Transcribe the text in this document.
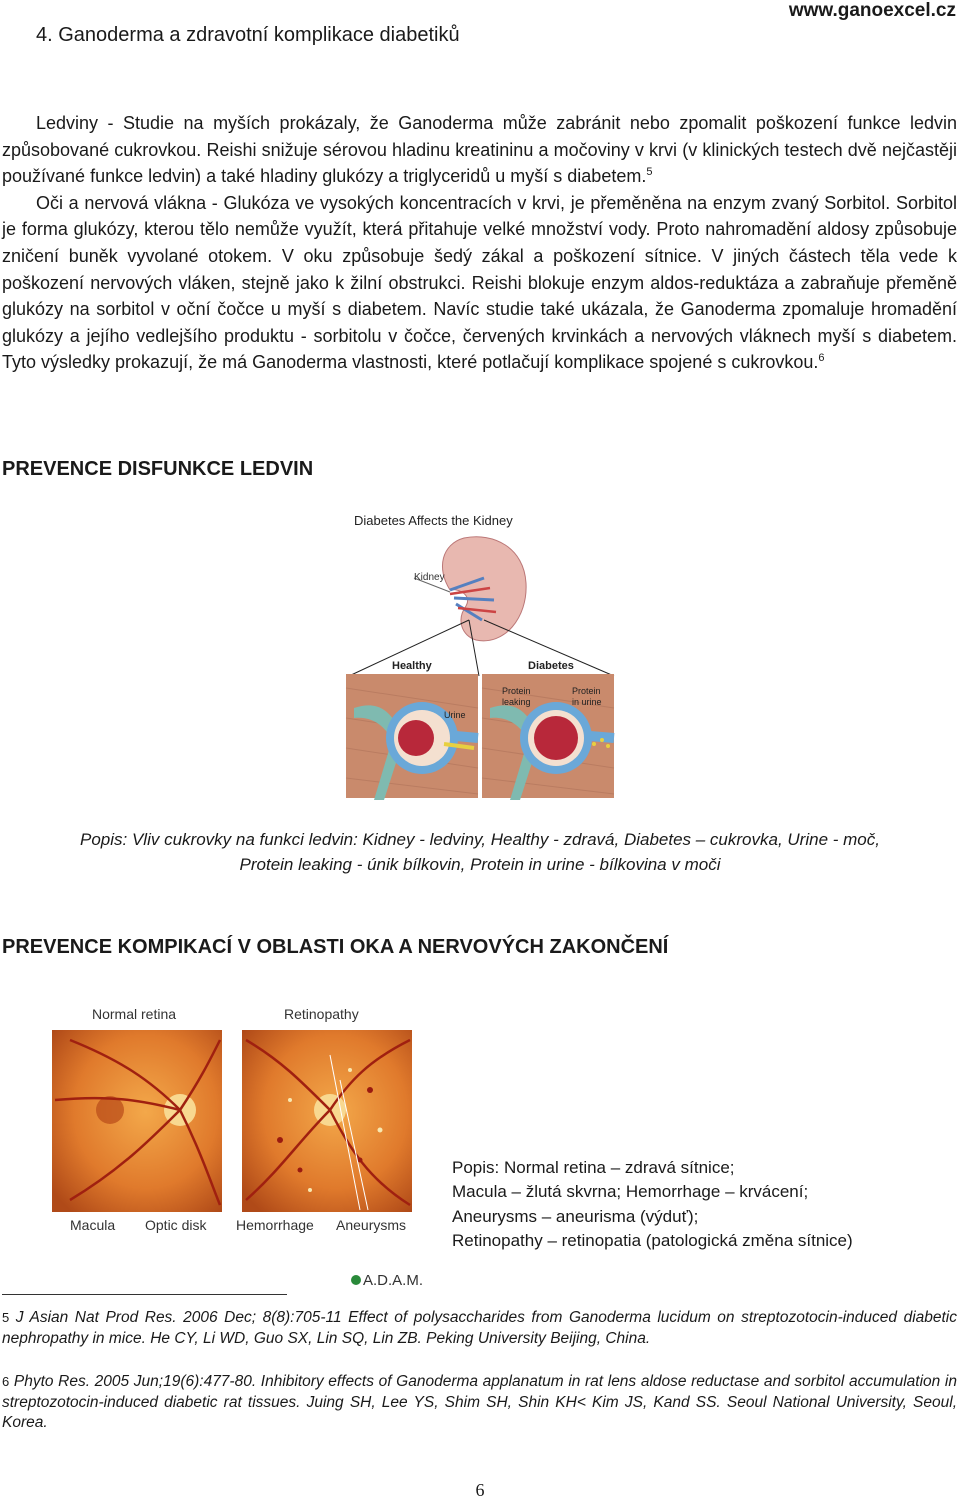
4. Ganoderma a zdravotní komplikace diabetiků
www.ganoexcel.cz

Ledviny - Studie na myších prokázaly, že Ganoderma může zabránit nebo zpomalit poškození funkce ledvin způsobované cukrovkou. Reishi snižuje sérovou hladinu kreatininu a močoviny v krvi (v klinických testech dvě nejčastěji používané funkce ledvin) a také hladiny glukózy a triglyceridů u myší s diabetem.$^5$

Oči a nervová vlákna - Glukóza ve vysokých koncentracích v krvi, je přeměněna na enzym zvaný Sorbitol. Sorbitol je forma glukózy, kterou tělo nemůže využít, která přitahuje velké množství vody. Proto nahromadění aldosy způsobuje zničení buněk vyvolané otokem. V oku způsobuje šedý zákal a poškození sítnice. V jiných částech těla vede k poškození nervových vláken, stejně jako k žilní obstrukci. Reishi blokuje enzym aldos-reduktáza a zabraňuje přeměně glukózy na sorbitol v oční čočce u myší s diabetem. Navíc studie také ukázala, že Ganoderma zpomaluje hromadění glukózy a jejího vedlejšího produktu - sorbitolu v čočce, červených krvinkách a nervových vláknech myší s diabetem. Tyto výsledky prokazují, že má Ganoderma vlastnosti, které potlačují komplikace spojené s cukrovkou.$^6$

PREVENCE DISFUNKCE LEDVIN
Diabetes Affects the Kidney
Kidney
Healthy	Diabetes
Urine
Protein
leaking
Protein
in urine
Popis: Vliv cukrovky na funkci ledvin: Kidney - ledviny, Healthy - zdravá, Diabetes – cukrovka, Urine - moč,
Protein leaking - únik bílkovin, Protein in urine - bílkovina v moči
PREVENCE KOMPIKACÍ V OBLASTI OKA A NERVOVÝCH ZAKONČENÍ
Normal retina	Retinopathy
Macula Optic disk Hemorrhage Aneurysms
A.D.A.M.
Popis: Normal retina – zdravá sítnice;
Macula – žlutá skvrna; Hemorrhage – krvácení;
Aneurysms – aneurisma (výduť);
Retinopathy – retinopatia (patologická změna sítnice)
$^5$ J Asian Nat Prod Res. 2006 Dec; 8(8):705-11 Effect of polysaccharides from Ganoderma lucidum on streptozotocin-induced diabetic nephropathy in mice. He CY, Li WD, Guo SX, Lin SQ, Lin ZB. Peking University Beijing, China.
$^6$ Phyto Res. 2005 Jun;19(6):477-80. Inhibitory effects of Ganoderma applanatum in rat lens aldose reductase and sorbitol accumulation in streptozotocin-induced diabetic rat tissues. Juing SH, Lee YS, Shim SH, Shin KH< Kim JS, Kand SS. Seoul National University, Seoul, Korea.
6
